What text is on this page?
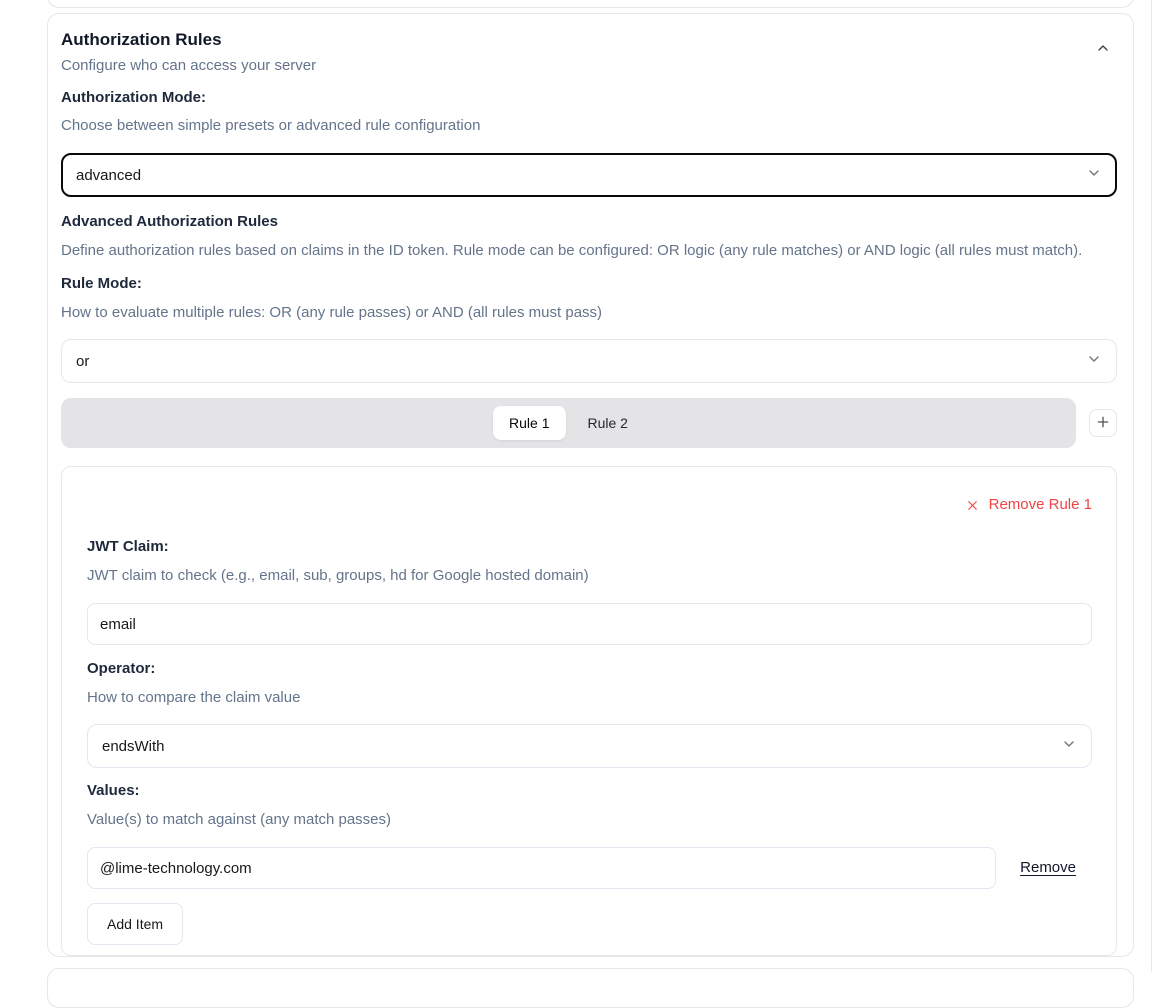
Authorization Rules
Configure who can access your server
Authorization Mode:
Choose between simple presets or advanced rule configuration
advanced
Advanced Authorization Rules
Define authorization rules based on claims in the ID token. Rule mode can be configured: OR logic (any rule matches) or AND logic (all rules must match).
Rule Mode:
How to evaluate multiple rules: OR (any rule passes) or AND (all rules must pass)
or
Rule 1	Rule 2
Remove Rule 1
JWT Claim:
JWT claim to check (e.g., email, sub, groups, hd for Google hosted domain)
email
Operator:
How to compare the claim value
endsWith
Values:
Value(s) to match against (any match passes)
@lime-technology.com
Remove
Add Item
